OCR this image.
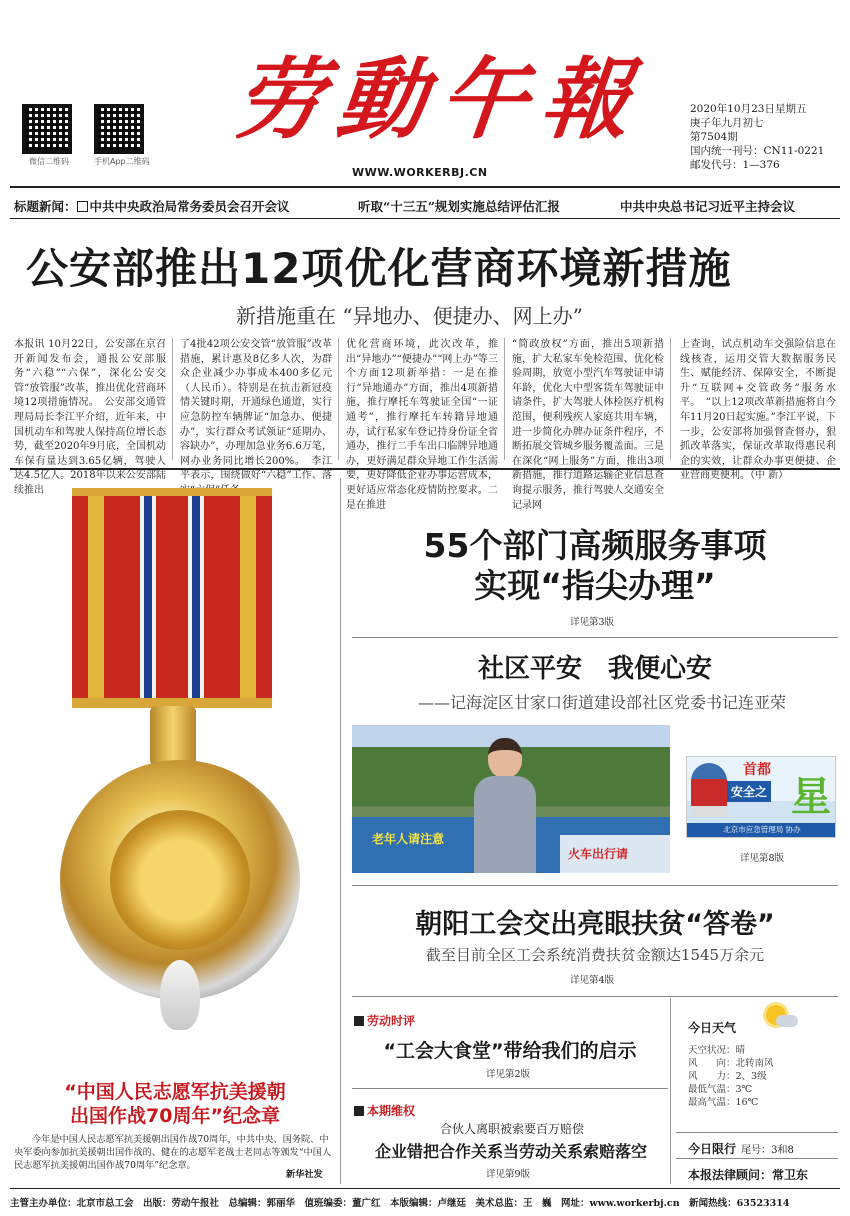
微信二维码	手机App二维码
劳動午報
WWW.WORKERBJ.CN
2020年10月23日星期五
庚子年九月初七
第7504期
国内统一刊号：CN11-0221
邮发代号：1—376
标题新闻： 中共中央政治局常务委员会召开会议	听取“十三五”规划实施总结评估汇报	中共中央总书记习近平主持会议
公安部推出12项优化营商环境新措施
新措施重在 “异地办、便捷办、网上办”
本报讯 10月22日，公安部在京召开新闻发布会，通报公安部服务“六稳”“六保”，深化公安交管“放管服”改革，推出优化营商环境12项措施情况。　公安部交通管理局局长李江平介绍，近年来，中国机动车和驾驶人保持高位增长态势，截至2020年9月底，全国机动车保有量达到3.65亿辆，驾驶人达4.5亿人。2018年以来公安部陆续推出
了4批42项公安交管“放管服”改革措施，累计惠及8亿多人次，为群众企业减少办事成本400多亿元（人民币）。特别是在抗击新冠疫情关键时期，开通绿色通道，实行应急防控车辆牌证“加急办、便捷办”，实行群众考试领证“延期办、容缺办”，办理加急业务6.6万笔，网办业务同比增长200%。　李江平表示，围绕做好“六稳”工作、落
优化营商环境，此次改革，推出“异地办”“便捷办”“网上办”等三个方面12项新举措：一是在推行“异地通办”方面，推出4项新措施，推行摩托车驾驶证全国“一证通考”，推行摩托车转籍异地通办，试行私家车登记持身份证全省通办，推行二手车出口临牌异地通办，更好满足群众异地工作生活需要，更好降低企业办事运营成本，更好适应常态化疫情防控要求。二是在推进
“简政放权”方面，推出5项新措施，扩大私家车免检范围、优化检验周期，放宽小型汽车驾驶证申请年龄，优化大中型客货车驾驶证申请条件，扩大驾驶人体检医疗机构范围，便利残疾人家庭共用车辆，进一步简化办牌办证条件程序，不断拓展交管城乡服务覆盖面。三是在深化“网上服务”方面，推出3项新措施，推行道路运输企业信息查询提示服务，推行驾驶人交通安全记录网
上查询，试点机动车交强险信息在线核查，运用交管大数据服务民生、赋能经济、保障安全，不断提升“互联网+交管政务”服务水平。　“以上12项改革新措施将自今年11月20日起实施。”李江平说，下一步，公安部将加强督查督办，狠抓改革落实，保证改革取得惠民利企的实效，让群众办事更便捷、企业营商更便利。（中 新）
“中国人民志愿军抗美援朝
出国作战70周年”纪念章
今年是中国人民志愿军抗美援朝出国作战70周年，中共中央、国务院、中央军委向参加抗美援朝出国作战的、健在的志愿军老战士老同志等颁发“中国人民志愿军抗美援朝出国作战70周年”纪念章。
新华社发
55个部门高频服务事项
实现“指尖办理”
详见第3版
社区平安　我便心安
——记海淀区甘家口街道建设部社区党委书记连亚荣
老年人请注意
火车出行请
首都
安全之 星
北京市应急管理局 协办
详见第8版
朝阳工会交出亮眼扶贫“答卷”
截至目前全区工会系统消费扶贫金额达1545万余元
详见第4版
劳动时评
“工会大食堂”带给我们的启示
详见第2版
本期维权
合伙人离职被索要百万赔偿
企业错把合作关系当劳动关系索赔落空
详见第9版
今日天气
天空状况：晴
风　　向：北转南风
风　　力：2、3级
最低气温：3℃
最高气温：16℃
今日限行 尾号：3和8
本报法律顾问：常卫东
主管主办单位：北京市总工会　出版：劳动午报社　总编辑：郭丽华　值班编委：董广红　本版编辑：卢继廷　美术总监：王　巍　网址：www.workerbj.cn　新闻热线：63523314
